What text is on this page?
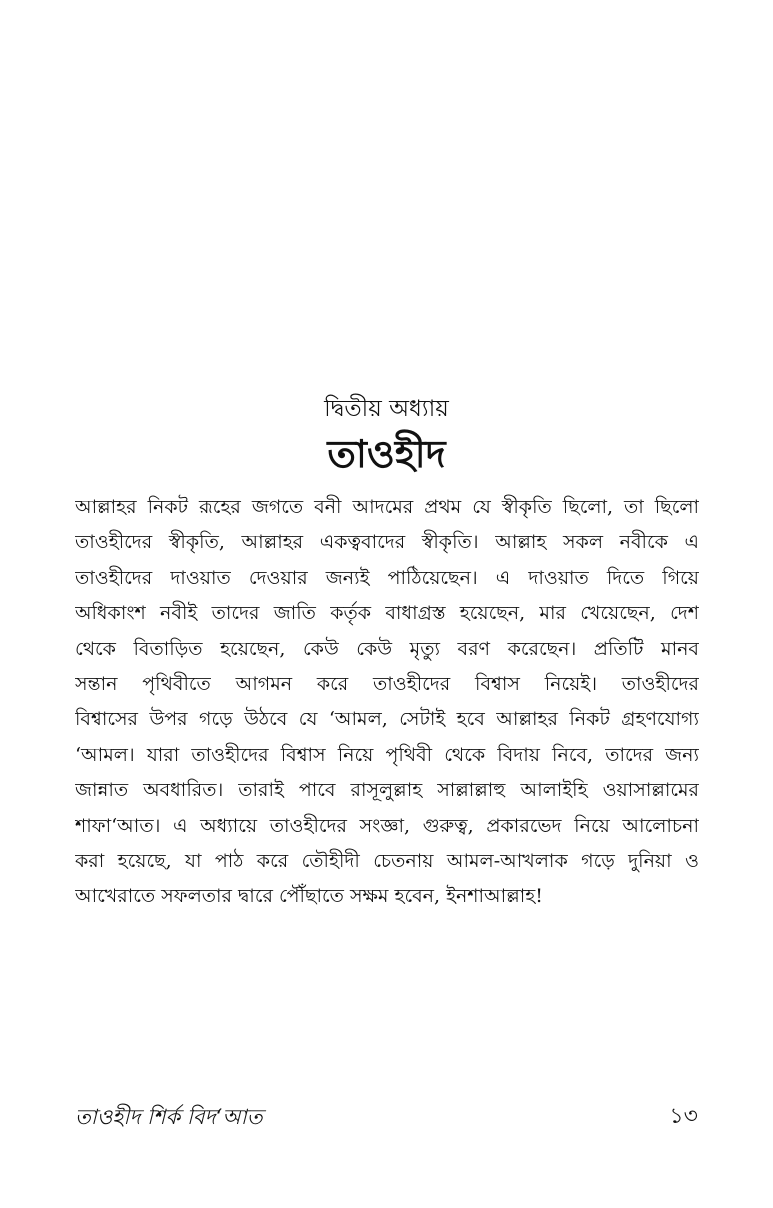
দ্বিতীয় অধ্যায়
তাওহীদ
আল্লাহর নিকট রূহের জগতে বনী আদমের প্রথম যে স্বীকৃতি ছিলো, তা ছিলো
তাওহীদের স্বীকৃতি, আল্লাহর একত্ববাদের স্বীকৃতি। আল্লাহ সকল নবীকে এ
তাওহীদের দাওয়াত দেওয়ার জন্যই পাঠিয়েছেন। এ দাওয়াত দিতে গিয়ে
অধিকাংশ নবীই তাদের জাতি কর্তৃক বাধাগ্রস্ত হয়েছেন, মার খেয়েছেন, দেশ
থেকে বিতাড়িত হয়েছেন, কেউ কেউ মৃত্যু বরণ করেছেন। প্রতিটি মানব
সন্তান পৃথিবীতে আগমন করে তাওহীদের বিশ্বাস নিয়েই। তাওহীদের
বিশ্বাসের উপর গড়ে উঠবে যে ‘আমল, সেটাই হবে আল্লাহর নিকট গ্রহণযোগ্য
‘আমল। যারা তাওহীদের বিশ্বাস নিয়ে পৃথিবী থেকে বিদায় নিবে, তাদের জন্য
জান্নাত অবধারিত। তারাই পাবে রাসূলুল্লাহ সাল্লাল্লাহু আলাইহি ওয়াসাল্লামের
শাফা‘আত। এ অধ্যায়ে তাওহীদের সংজ্ঞা, গুরুত্ব, প্রকারভেদ নিয়ে আলোচনা
করা হয়েছে, যা পাঠ করে তৌহীদী চেতনায় আমল-আখলাক গড়ে দুনিয়া ও
আখেরাতে সফলতার দ্বারে পৌঁছাতে সক্ষম হবেন, ইনশাআল্লাহ!
তাওহীদ শির্ক বিদ‘আত	১৩
